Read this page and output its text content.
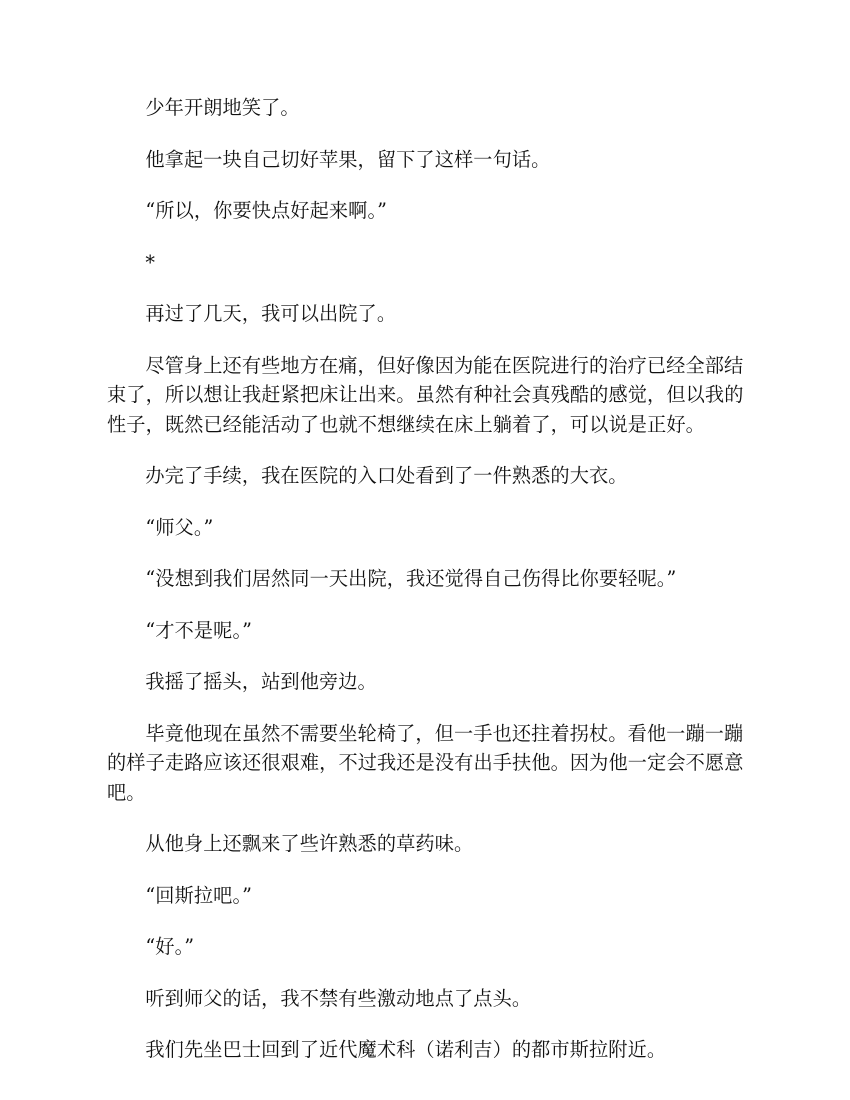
少年开朗地笑了。

他拿起一块自己切好苹果，留下了这样一句话。

“所以，你要快点好起来啊。”

*

再过了几天，我可以出院了。

尽管身上还有些地方在痛，但好像因为能在医院进行的治疗已经全部结束了，所以想让我赶紧把床让出来。虽然有种社会真残酷的感觉，但以我的性子，既然已经能活动了也就不想继续在床上躺着了，可以说是正好。

办完了手续，我在医院的入口处看到了一件熟悉的大衣。

“师父。”

“没想到我们居然同一天出院，我还觉得自己伤得比你要轻呢。”

“才不是呢。”

我摇了摇头，站到他旁边。

毕竟他现在虽然不需要坐轮椅了，但一手也还拄着拐杖。看他一蹦一蹦的样子走路应该还很艰难，不过我还是没有出手扶他。因为他一定会不愿意吧。

从他身上还飘来了些许熟悉的草药味。

“回斯拉吧。”

“好。”

听到师父的话，我不禁有些激动地点了点头。

我们先坐巴士回到了近代魔术科（诺利吉）的都市斯拉附近。
